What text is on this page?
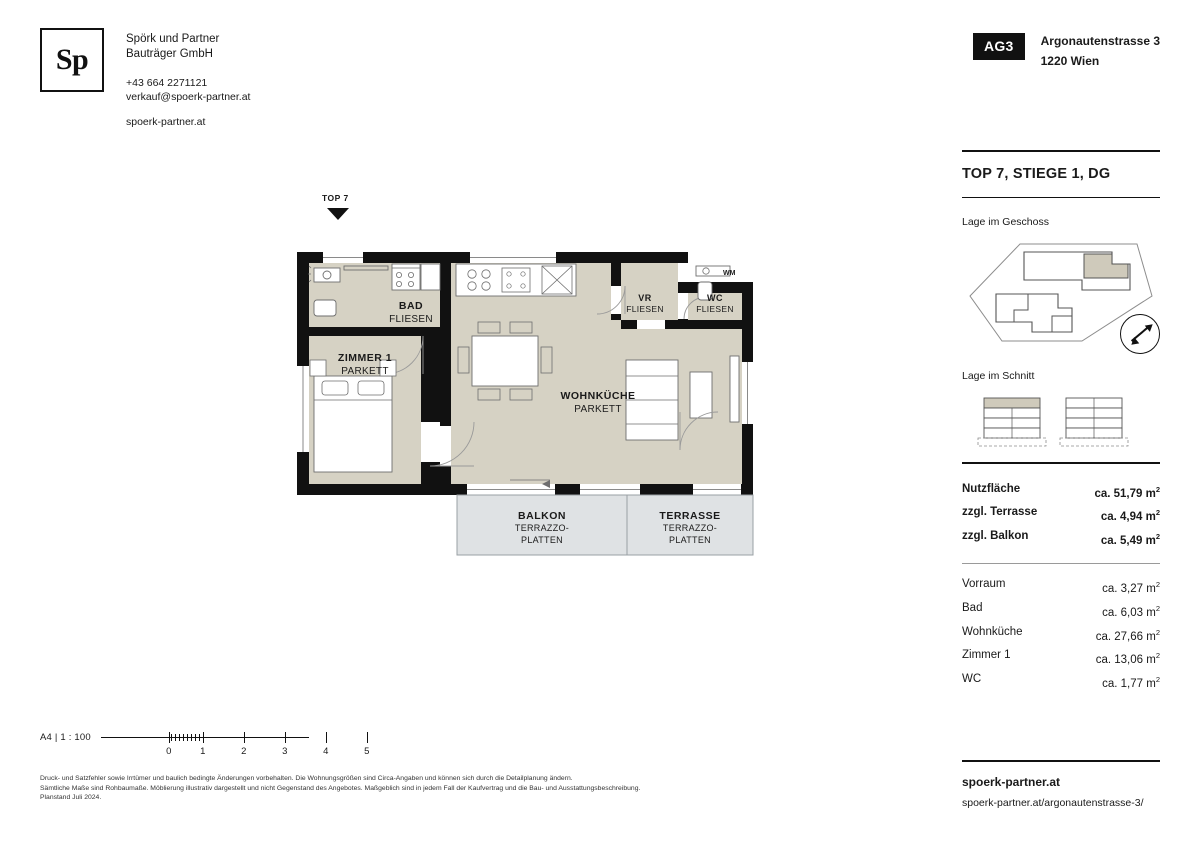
Sp
Spörk und Partner
Bauträger GmbH
+43 664 2271121
verkauf@spoerk-partner.at
spoerk-partner.at
AG3	Argonautenstrasse 3
1220 Wien
TOP 7, STIEGE 1, DG
Lage im Geschoss
Lage im Schnitt
Nutzfläche	ca. 51,79 $m^2$
zzgl. Terrasse	ca. 4,94 $m^2$
zzgl. Balkon	ca. 5,49 $m^2$
Vorraum	ca. 3,27 $m^2$
Bad	ca. 6,03 $m^2$
Wohnküche	ca. 27,66 $m^2$
Zimmer 1	ca. 13,06 $m^2$
WC	ca. 1,77 $m^2$
spoerk-partner.at
spoerk-partner.at/argonautenstrasse-3/
Druck- und Satzfehler sowie Irrtümer und baulich bedingte Änderungen vorbehalten. Die Wohnungsgrößen sind Circa-Angaben und können sich durch die Detailplanung ändern.
Sämtliche Maße sind Rohbaumaße. Möblierung illustrativ dargestellt und nicht Gegenstand des Angebotes. Maßgeblich sind in jedem Fall der Kaufvertrag und die Bau- und Ausstattungsbeschreibung.
Planstand Juli 2024.
A4 | 1 : 100
0	1	2	3	4	5
TOP 7
BAD
FLIESEN
ZIMMER 1
PARKETT
WOHNKÜCHE
PARKETT
VR
FLIESEN
WC
FLIESEN
BALKON
TERRAZZO-
PLATTEN
TERRASSE
TERRAZZO-
PLATTEN
WM
